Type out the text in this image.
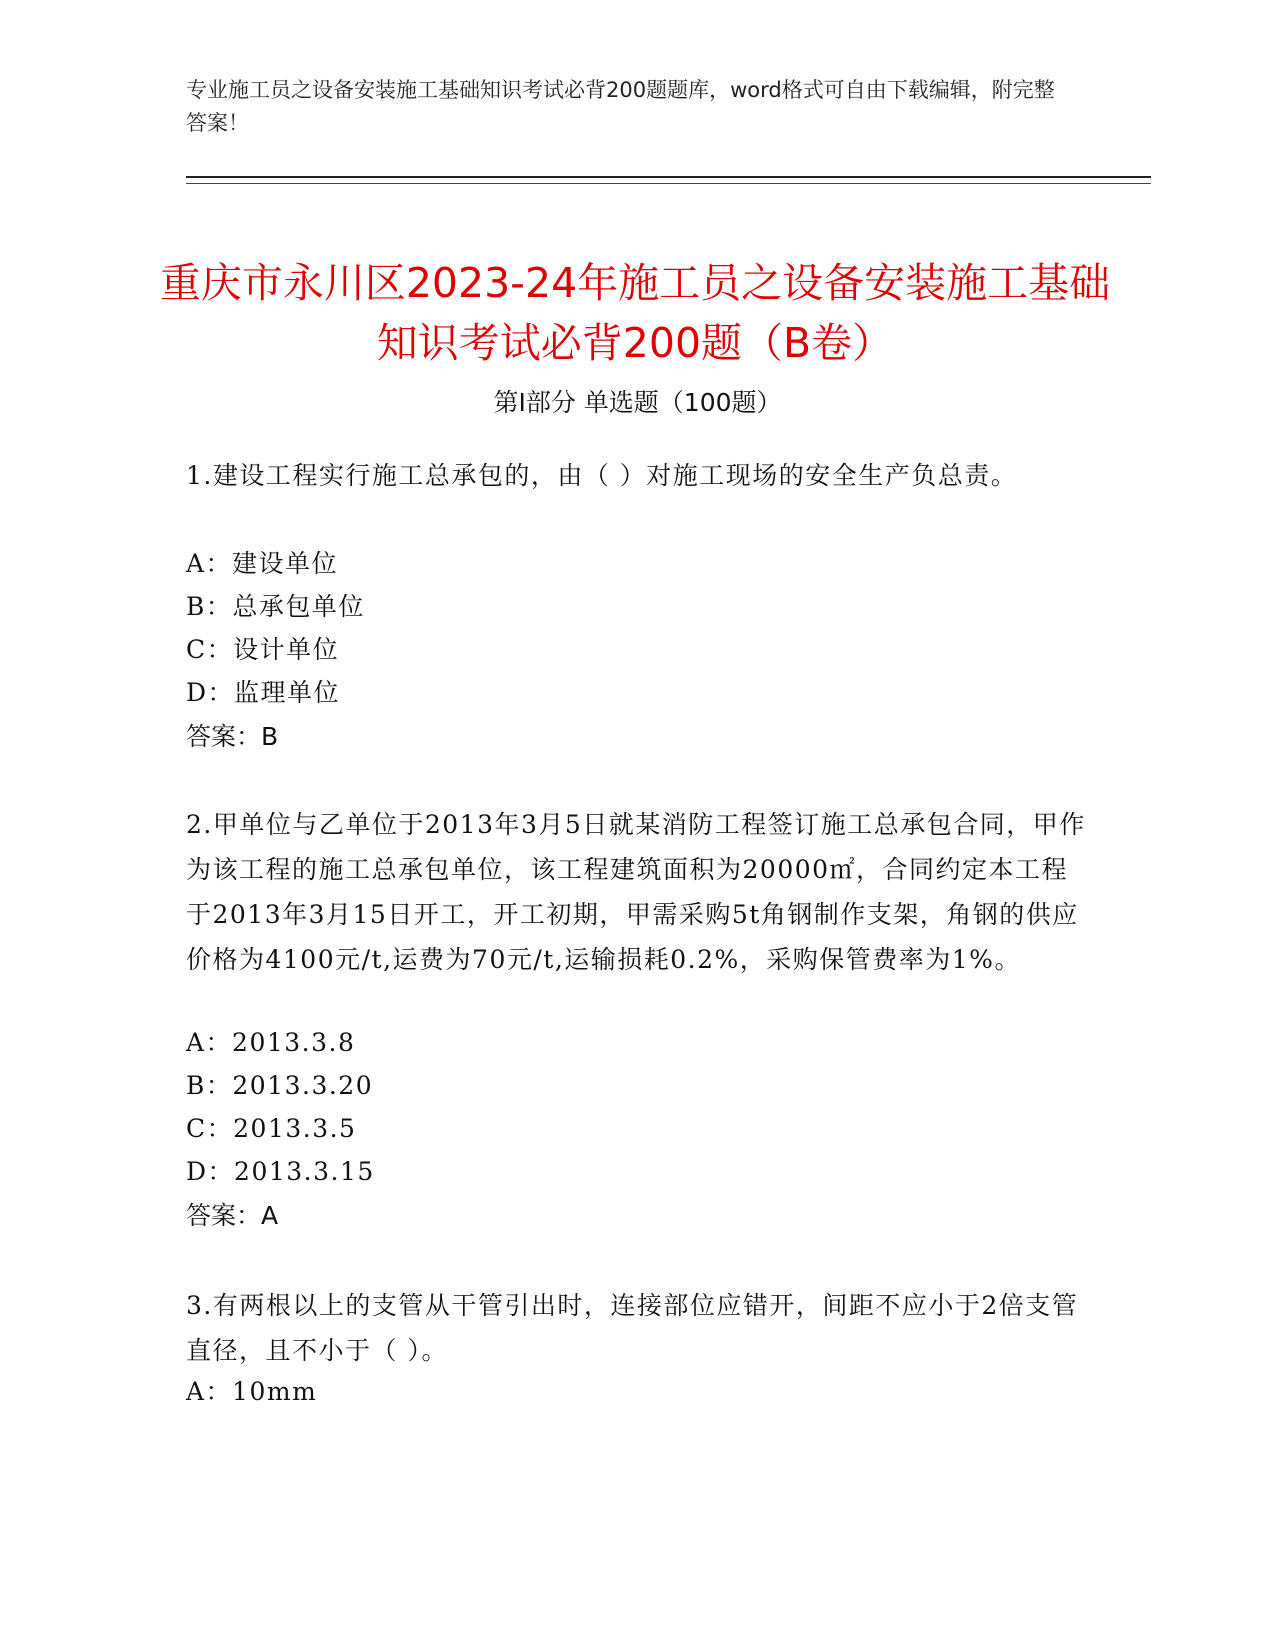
专业施工员之设备安装施工基础知识考试必背200题题库，word格式可自由下载编辑，附完整答案！
重庆市永川区2023-24年施工员之设备安装施工基础知识考试必背200题（B卷）
第I部分 单选题（100题）
1.建设工程实行施工总承包的，由（ ）对施工现场的安全生产负总责。
A：建设单位
B：总承包单位
C：设计单位
D：监理单位
答案：B
2.甲单位与乙单位于2013年3月5日就某消防工程签订施工总承包合同，甲作为该工程的施工总承包单位，该工程建筑面积为20000㎡，合同约定本工程于2013年3月15日开工，开工初期，甲需采购5t角钢制作支架，角钢的供应价格为4100元/t,运费为70元/t,运输损耗0.2%，采购保管费率为1%。
A：2013.3.8
B：2013.3.20
C：2013.3.5
D：2013.3.15
答案：A
3.有两根以上的支管从干管引出时，连接部位应错开，间距不应小于2倍支管直径，且不小于（ ）。
A：10mm
